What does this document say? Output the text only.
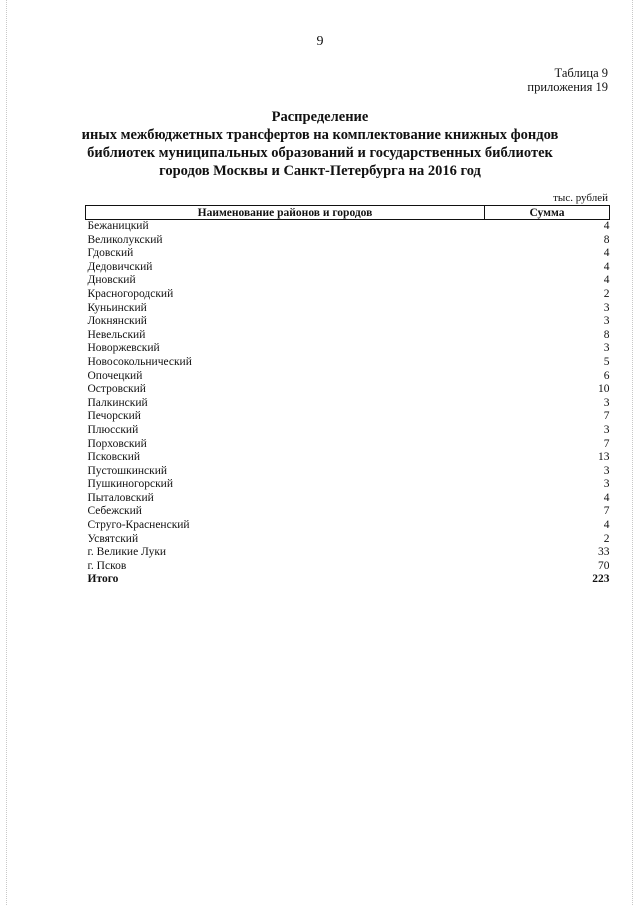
9
Таблица 9
приложения 19
Распределение
иных межбюджетных трансфертов на комплектование книжных фондов
библиотек муниципальных образований и государственных библиотек
городов Москвы и Санкт-Петербурга на 2016 год
тыс. рублей
Наименование районов и городов	Сумма
Бежаницкий	4
Великолукский	8
Гдовский	4
Дедовичский	4
Дновский	4
Красногородский	2
Куньинский	3
Локнянский	3
Невельский	8
Новоржевский	3
Новосокольнический	5
Опочецкий	6
Островский	10
Палкинский	3
Печорский	7
Плюсский	3
Порховский	7
Псковский	13
Пустошкинский	3
Пушкиногорский	3
Пыталовский	4
Себежский	7
Струго-Красненский	4
Усвятский	2
г. Великие Луки	33
г. Псков	70
Итого	223
